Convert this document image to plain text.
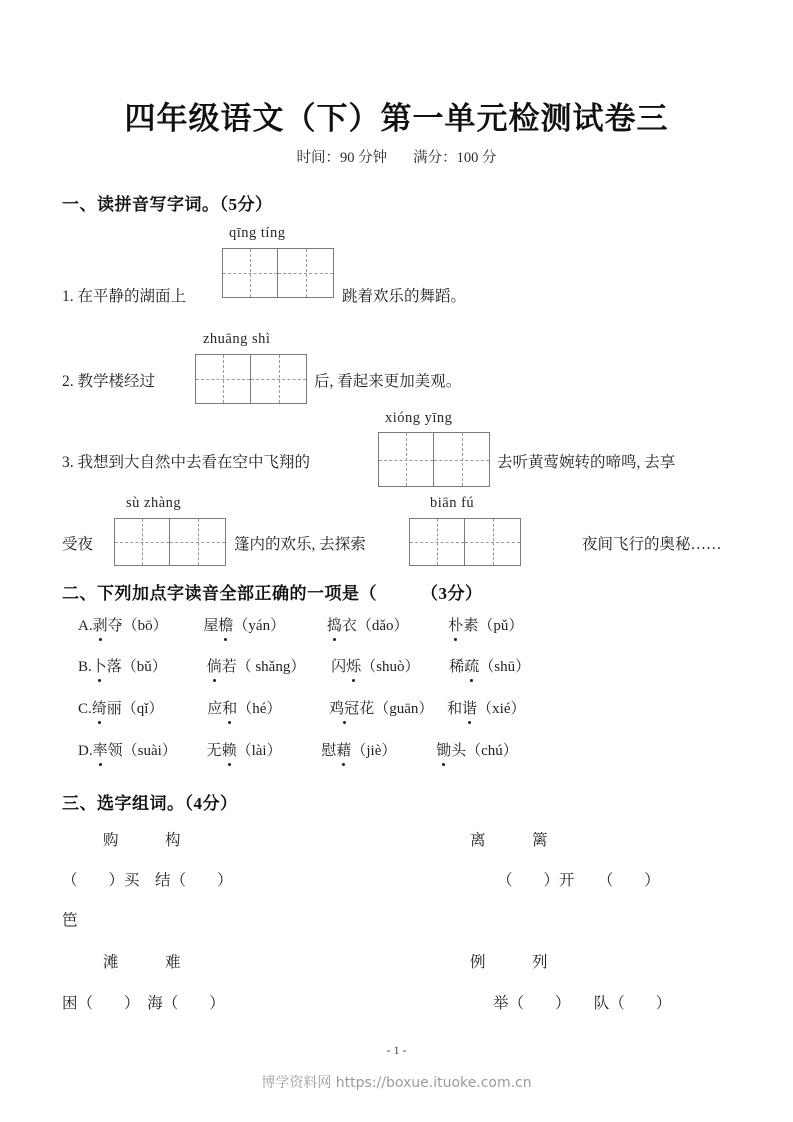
四年级语文（下）第一单元检测试卷三
时间：90 分钟 满分：100 分
一、读拼音写字词。（5分）
qīng tíng
1. 在平静的湖面上	跳着欢乐的舞蹈。
zhuāng shì
2. 教学楼经过	后, 看起来更加美观。
xióng yīng
3. 我想到大自然中去看在空中飞翔的	去听黄莺婉转的啼鸣, 去享
sù zhàng
受夜	篷内的欢乐, 去探索
biān fú
夜间飞行的奥秘……
二、下列加点字读音全部正确的一项是（　　　（3分）
A.剥夺（bō） 屋檐（yán）	捣衣（dǎo）	朴素（pǔ）
B.卜落（bǔ）	倘若（ shǎng） 闪烁（shuò） 稀疏（shū）
C.绮丽（qǐ）	应和（hé）	鸡冠花（guān） 和谐（xié）
D.率领（suài） 无赖（lài）	慰藉（jiè）	锄头（chú）
三、选字组词。（4分）
购　　　构
（　　）买　结（　　）
离　　　篱
（　　）开　　（　　）
笆
滩　　　难
困（　　）　海（　　）
例　　　列
举（　　）　　队（　　）
- 1 -
博学资料网 https://boxue.ituoke.com.cn
